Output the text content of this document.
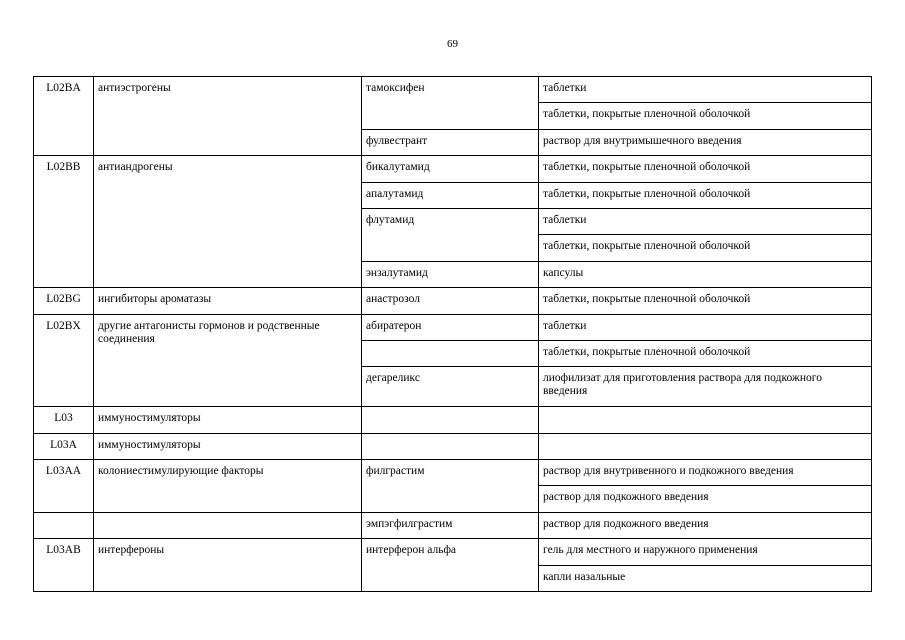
69
L02BA	антиэстрогены	тамоксифен	таблетки
			таблетки, покрытые пленочной оболочкой
		фулвестрант	раствор для внутримышечного введения
L02BB	антиандрогены	бикалутамид	таблетки, покрытые пленочной оболочкой
		апалутамид	таблетки, покрытые пленочной оболочкой
		флутамид	таблетки
			таблетки, покрытые пленочной оболочкой
		энзалутамид	капсулы
L02BG	ингибиторы ароматазы	анастрозол	таблетки, покрытые пленочной оболочкой
L02BX	другие антагонисты гормонов и родственные соединения	абиратерон	таблетки
			таблетки, покрытые пленочной оболочкой
		дегареликс	лиофилизат для приготовления раствора для подкожного введения
L03	иммуностимуляторы		
L03A	иммуностимуляторы		
L03AA	колониестимулирующие факторы	филграстим	раствор для внутривенного и подкожного введения
			раствор для подкожного введения
		эмпэгфилграстим	раствор для подкожного введения
L03AB	интерфероны	интерферон альфа	гель для местного и наружного применения
			капли назальные
